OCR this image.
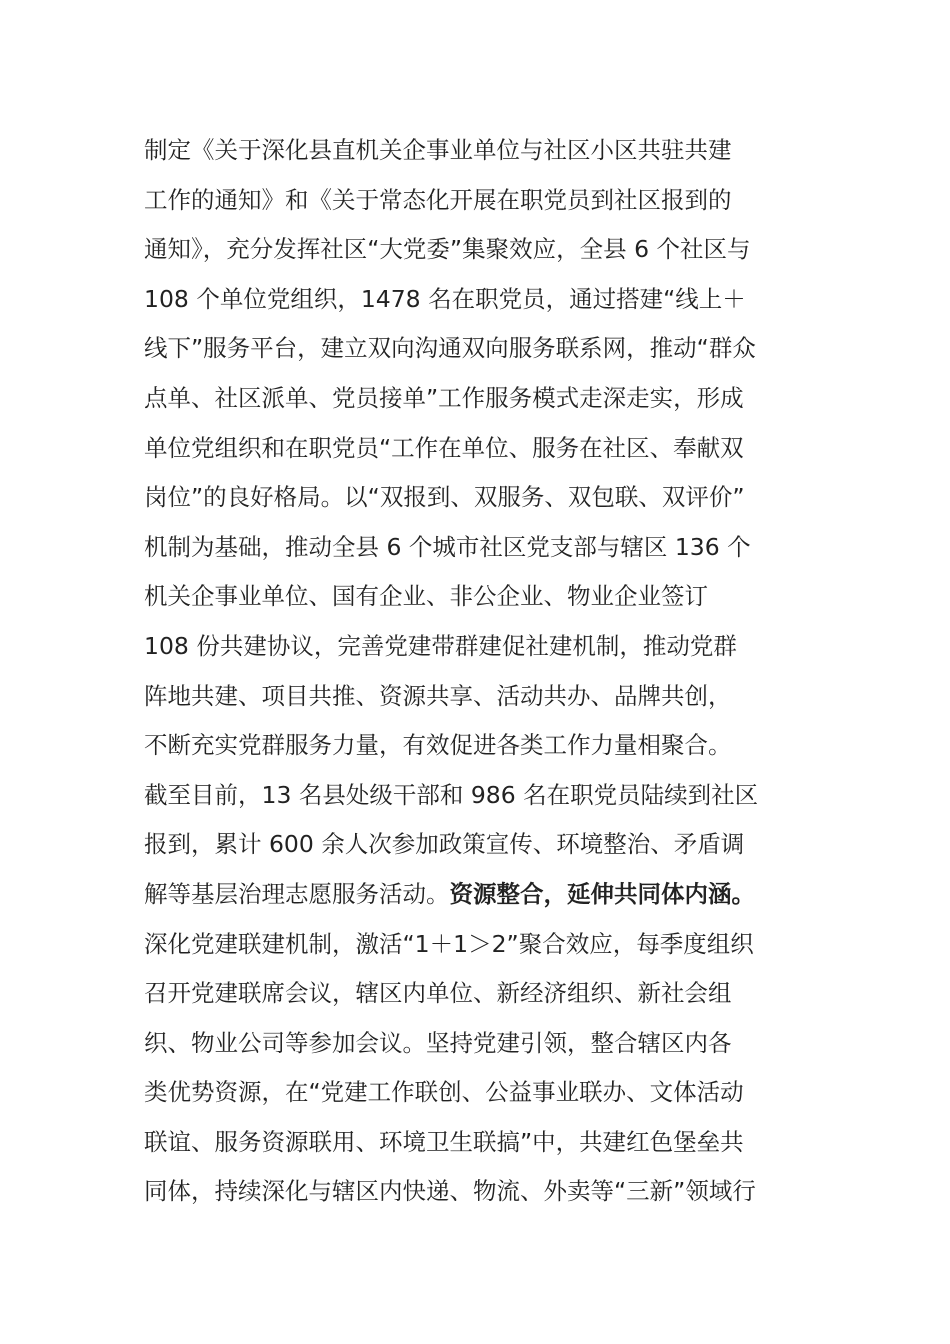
制定《关于深化县直机关企事业单位与社区小区共驻共建
工作的通知》和《关于常态化开展在职党员到社区报到的
通知》，充分发挥社区“大党委”集聚效应，全县 6 个社区与
108 个单位党组织，1478 名在职党员，通过搭建“线上＋
线下”服务平台，建立双向沟通双向服务联系网，推动“群众
点单、社区派单、党员接单”工作服务模式走深走实，形成
单位党组织和在职党员“工作在单位、服务在社区、奉献双
岗位”的良好格局。以“双报到、双服务、双包联、双评价”
机制为基础，推动全县 6 个城市社区党支部与辖区 136 个
机关企事业单位、国有企业、非公企业、物业企业签订
108 份共建协议，完善党建带群建促社建机制，推动党群
阵地共建、项目共推、资源共享、活动共办、品牌共创，
不断充实党群服务力量，有效促进各类工作力量相聚合。
截至目前，13 名县处级干部和 986 名在职党员陆续到社区
报到，累计 600 余人次参加政策宣传、环境整治、矛盾调
解等基层治理志愿服务活动。资源整合，延伸共同体内涵。
深化党建联建机制，激活“1＋1＞2”聚合效应，每季度组织
召开党建联席会议，辖区内单位、新经济组织、新社会组
织、物业公司等参加会议。坚持党建引领，整合辖区内各
类优势资源，在“党建工作联创、公益事业联办、文体活动
联谊、服务资源联用、环境卫生联搞”中，共建红色堡垒共
同体，持续深化与辖区内快递、物流、外卖等“三新”领域行
